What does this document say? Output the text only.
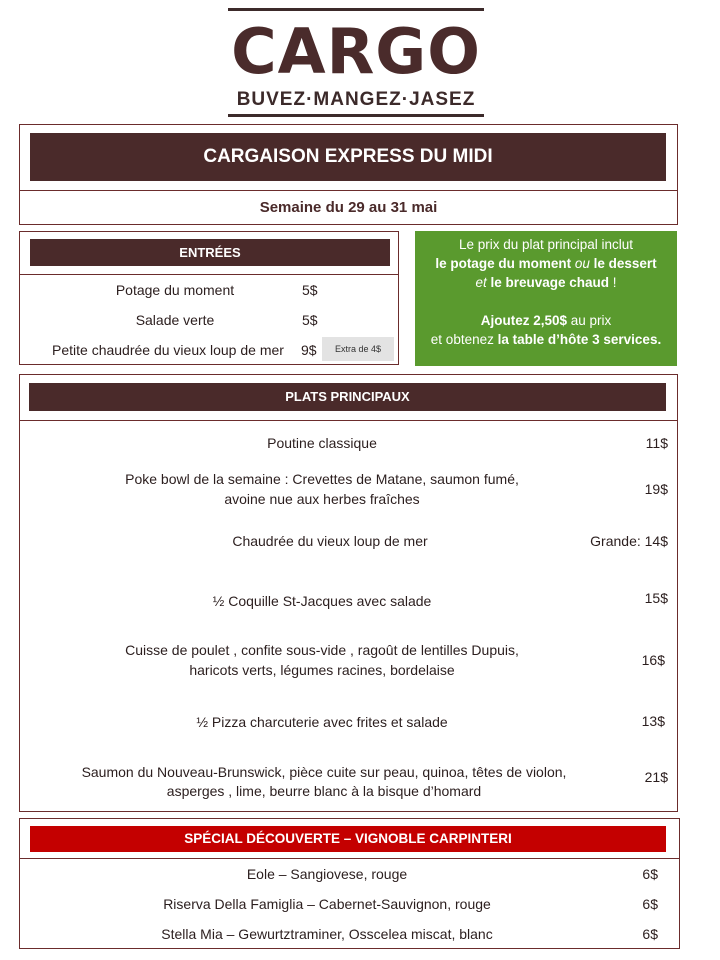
CARGO
BUVEZ·MANGEZ·JASEZ
CARGAISON EXPRESS DU MIDI
Semaine du 29 au 31 mai
ENTRÉES
Potage du moment	5$
Salade verte	5$
Petite chaudrée du vieux loup de mer 9$	Extra de 4$
Le prix du plat principal inclut
le potage du moment ou le dessert
et le breuvage chaud !
Ajoutez 2,50$ au prix
et obtenez la table d’hôte 3 services.
PLATS PRINCIPAUX
Poutine classique	11$
Poke bowl de la semaine : Crevettes de Matane, saumon fumé,
avoine nue aux herbes fraîches
19$
Chaudrée du vieux loup de mer	Grande: 14$
½ Coquille St-Jacques avec salade	15$
Cuisse de poulet , confite sous-vide , ragoût de lentilles Dupuis,
haricots verts, légumes racines, bordelaise
16$
½ Pizza charcuterie avec frites et salade	13$
Saumon du Nouveau-Brunswick, pièce cuite sur peau, quinoa, têtes de violon,
asperges , lime, beurre blanc à la bisque d’homard
21$
SPÉCIAL DÉCOUVERTE – VIGNOBLE CARPINTERI
Eole – Sangiovese, rouge	6$
Riserva Della Famiglia – Cabernet-Sauvignon, rouge	6$
Stella Mia – Gewurtztraminer, Osscelea miscat, blanc	6$
